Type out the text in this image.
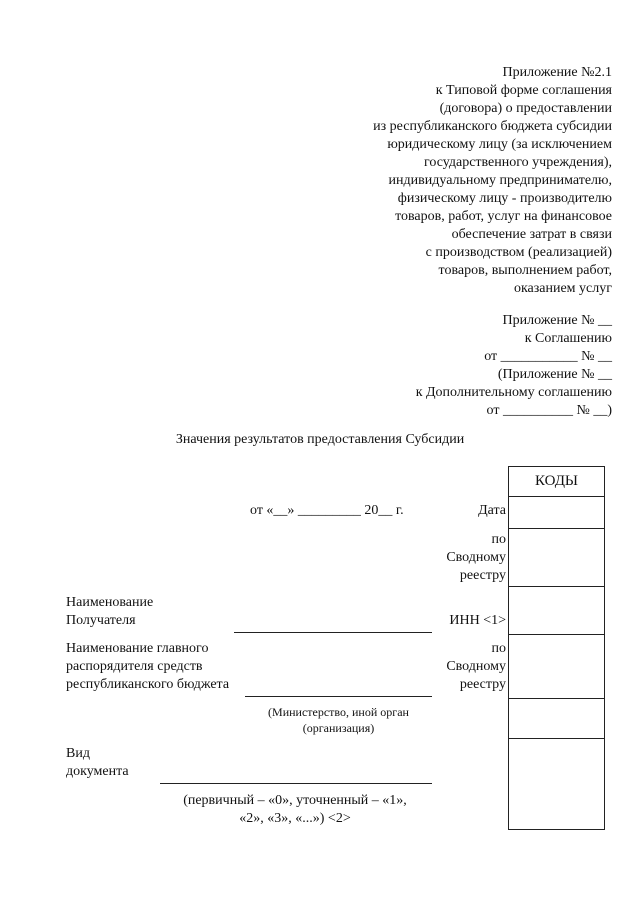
Приложение №2.1
к Типовой форме соглашения
(договора) о предоставлении
из республиканского бюджета субсидии
юридическому лицу (за исключением
государственного учреждения),
индивидуальному предпринимателю,
физическому лицу - производителю
товаров, работ, услуг на финансовое
обеспечение затрат в связи
с производством (реализацией)
товаров, выполнением работ,
оказанием услуг
Приложение № __
к Соглашению
от ___________ № __
(Приложение № __
к Дополнительному соглашению
от __________ № __)
Значения результатов предоставления Субсидии
КОДЫ
от «__» _________ 20__ г.	Дата
по
Сводному
реестру
Наименование
Получателя	ИНН <1>
Наименование главного
распорядителя средств
республиканского бюджета
по
Сводному
реестру
(Министерство, иной орган
(организация)
Вид
документа
(первичный – «0», уточненный – «1»,
«2», «3», «...») <2>
